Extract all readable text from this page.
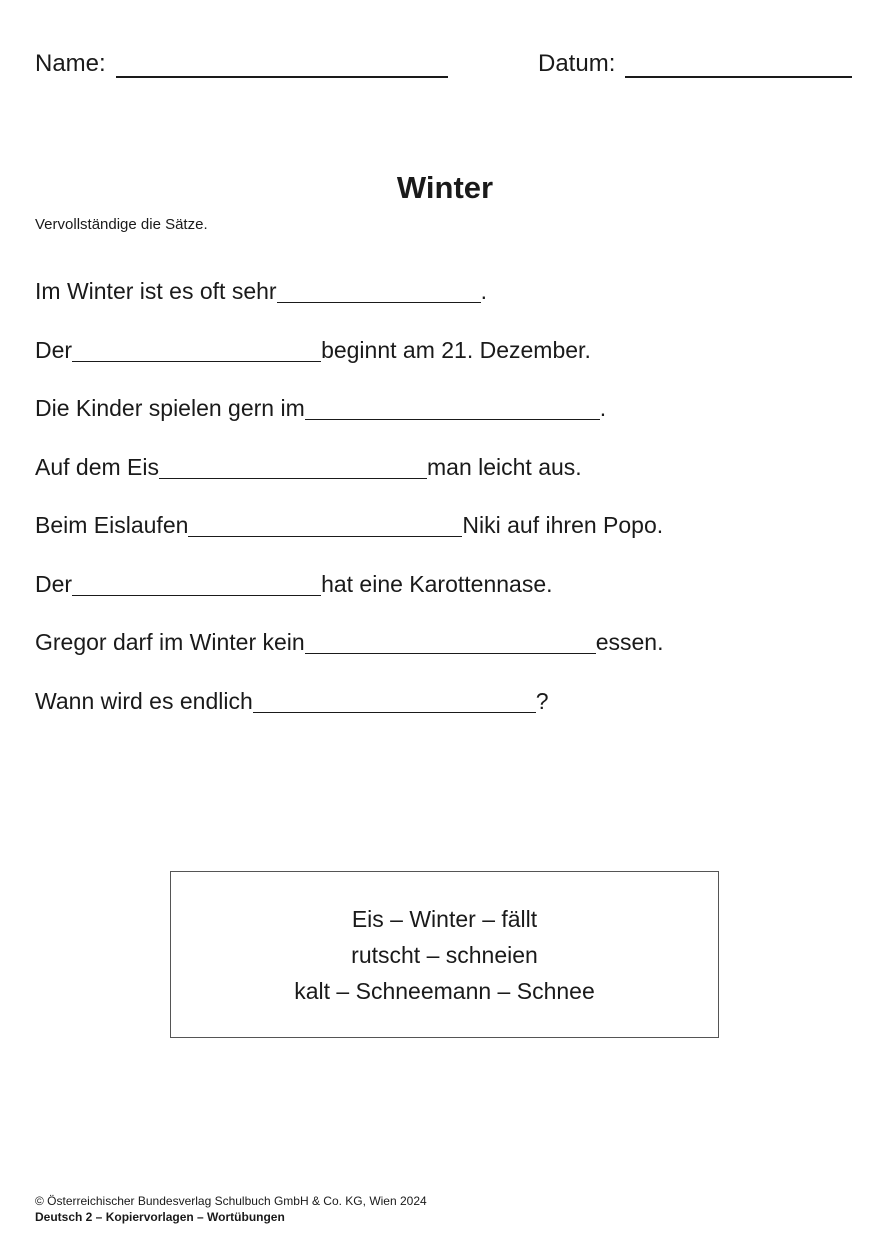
Name:	Datum:
Winter
Vervollständige die Sätze.
Im Winter ist es oft sehr	.
Der	beginnt am 21. Dezember.
Die Kinder spielen gern im	.
Auf dem Eis	man leicht aus.
Beim Eislaufen	Niki auf ihren Popo.
Der	hat eine Karottennase.
Gregor darf im Winter kein	essen.
Wann wird es endlich	?
Eis – Winter – fällt
rutscht – schneien
kalt – Schneemann – Schnee
© Österreichischer Bundesverlag Schulbuch GmbH & Co. KG, Wien 2024
Deutsch 2 – Kopiervorlagen – Wortübungen
